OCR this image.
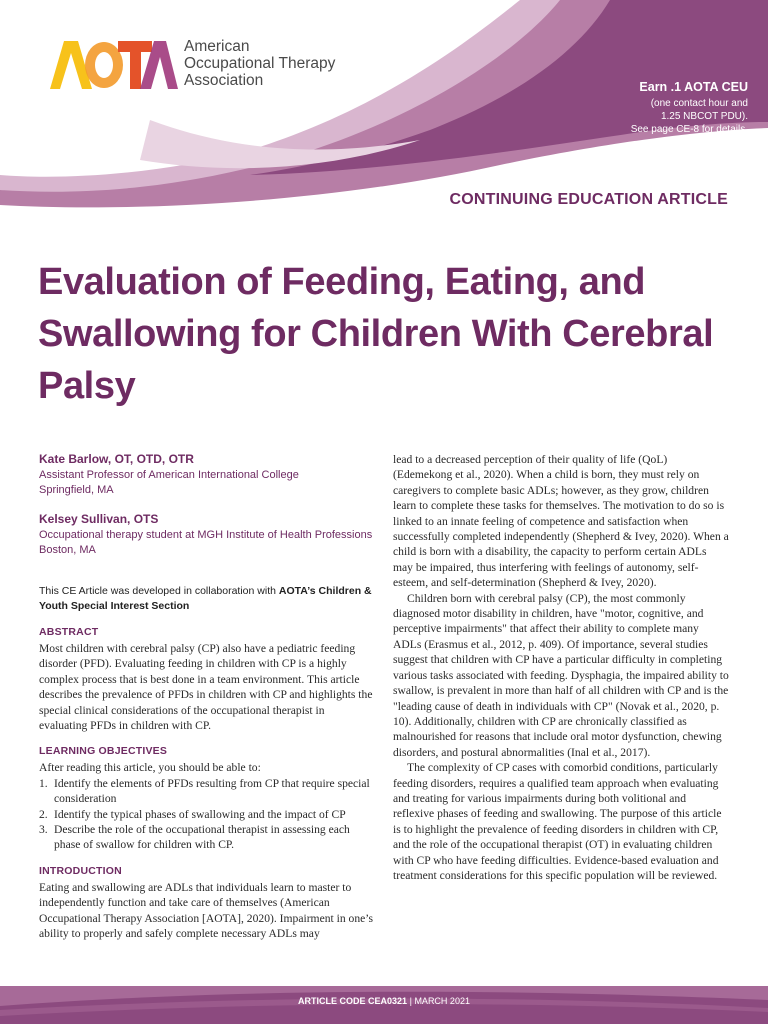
American
Occupational Therapy
Association	Earn .1 AOTA CEU
(one contact hour and
1.25 NBCOT PDU).
See page CE-8 for details.
CONTINUING EDUCATION ARTICLE
Evaluation of Feeding, Eating, and Swallowing for Children With Cerebral Palsy
Kate Barlow, OT, OTD, OTR
Assistant Professor of American International College
Springfield, MA
Kelsey Sullivan, OTS
Occupational therapy student at MGH Institute of Health Professions
Boston, MA
This CE Article was developed in collaboration with AOTA’s Children & Youth Special Interest Section
ABSTRACT

Most children with cerebral palsy (CP) also have a pediatric feeding disorder (PFD). Evaluating feeding in children with CP is a highly complex process that is best done in a team environment. This article describes the prevalence of PFDs in children with CP and highlights the special clinical considerations of the occupational therapist in evaluating PFDs in children with CP.

LEARNING OBJECTIVES

After reading this article, you should be able to:

1. Identify the elements of PFDs resulting from CP that require special consideration
2. Identify the typical phases of swallowing and the impact of CP
3. Describe the role of the occupational therapist in assessing each phase of swallow for children with CP.
INTRODUCTION

Eating and swallowing are ADLs that individuals learn to master to independently function and take care of themselves (American Occupational Therapy Association [AOTA], 2020). Impairment in one’s ability to properly and safely complete necessary ADLs may

lead to a decreased perception of their quality of life (QoL) (Edemekong et al., 2020). When a child is born, they must rely on caregivers to complete basic ADLs; however, as they grow, children learn to complete these tasks for themselves. The motivation to do so is linked to an innate feeling of competence and satisfaction when successfully completed independently (Shepherd & Ivey, 2020). When a child is born with a disability, the capacity to perform certain ADLs may be impaired, thus interfering with feelings of autonomy, self-esteem, and self-determination (Shepherd & Ivey, 2020).

Children born with cerebral palsy (CP), the most commonly diagnosed motor disability in children, have "motor, cognitive, and perceptive impairments" that affect their ability to complete many ADLs (Erasmus et al., 2012, p. 409). Of importance, several studies suggest that children with CP have a particular difficulty in completing various tasks associated with feeding. Dysphagia, the impaired ability to swallow, is prevalent in more than half of all children with CP and is the "leading cause of death in individuals with CP" (Novak et al., 2020, p. 10). Additionally, children with CP are chronically classified as malnourished for reasons that include oral motor dysfunction, chewing disorders, and postural abnormalities (Inal et al., 2017).

The complexity of CP cases with comorbid conditions, particularly feeding disorders, requires a qualified team approach when evaluating and treating for various impairments during both volitional and reflexive phases of feeding and swallowing. The purpose of this article is to highlight the prevalence of feeding disorders in children with CP, and the role of the occupational therapist (OT) in evaluating children with CP who have feeding difficulties. Evidence-based evaluation and treatment considerations for this specific population will be reviewed.

ARTICLE CODE CEA0321 | MARCH 2021
